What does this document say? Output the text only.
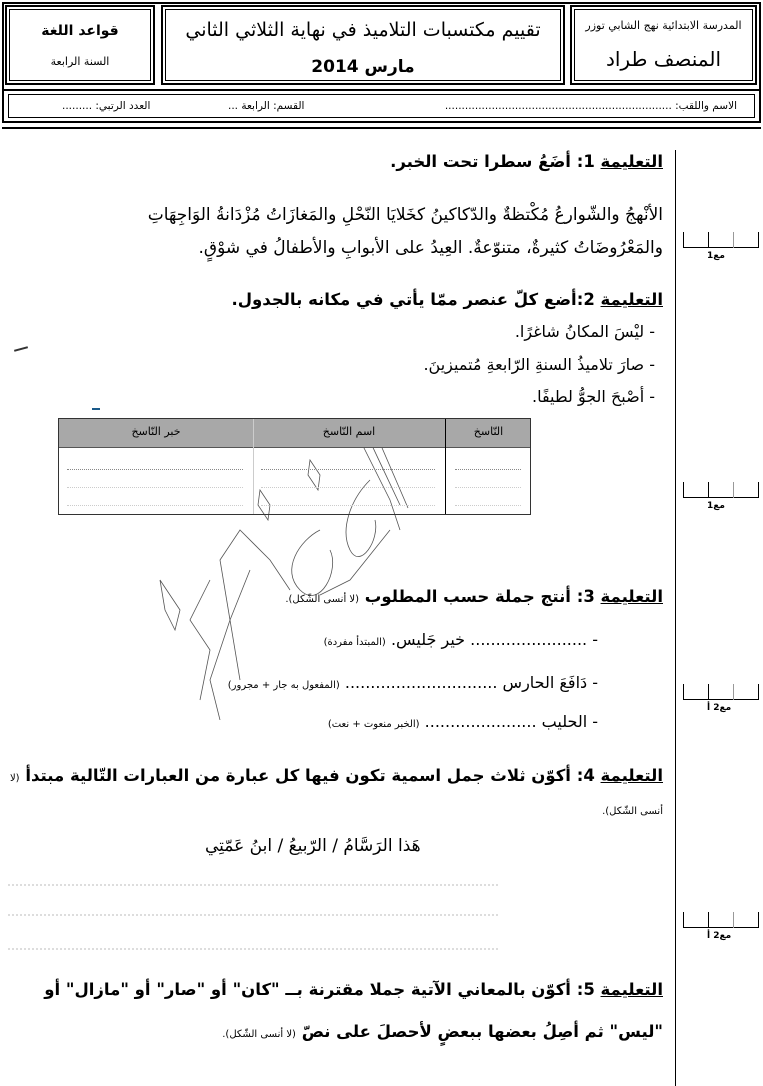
قواعد اللغة
السنة الرابعة
تقييم مكتسبات التلاميذ في نهاية الثلاثي الثاني
مارس 2014
المدرسة الابتدائية نهج الشابي توزر
المنصف طراد
الاسم واللقب: ....................................................................
القسم: الرابعة ...
العدد الرتبي: .........
التعليمة 1: أضَعُ سطرا تحت الخبر.
الأنْهجُ والشّوارعُ مُكْتظةٌ والدّكاكينُ كخَلايَا النّحْلِ والمَغازَاتُ مُزْدَانةُ الوَاجِهَاتِ
والمَعْرُوضَاتُ كثيرةٌ، متنوّعةٌ. العِيدُ على الأبوابِ والأطفالُ في شوْقٍ.	مع1
التعليمة 2:أضع كلّ عنصر ممّا يأتي في مكانه بالجدول.
- ليْسَ المكانُ شاغرًا.
- صارَ تلاميذُ السنةِ الرّابعةِ مُتميزينَ.
- أصْبحَ الجوُّ لطيفًا.
خبر النّاسخ	اسم النّاسخ	النّاسخ
مع1
التعليمة 3: أنتج جملة حسب المطلوب (لا أنسى الشّكل).
- ....................... خير جَليس. (المبتدأ مفردة)
- دَافَعَ الحارس .............................. (المفعول به جار + مجرور)
- الحليب ...................... (الخبر منعوت + نعت)
مع2 أ
التعليمة 4: أكوّن ثلاث جمل اسمية تكون فيها كل عبارة من العبارات التّالية مبتدأ (لا
أنسى الشّكل).
هَذا الرَسَّامُ / الرّبيعُ / ابنُ عَمّتِي
مع2 أ
التعليمة 5: أكوّن بالمعاني الآتية جملا مقترنة بــ "كان" أو "صار" أو "مازال" أو
"ليس" ثم أصِلُ بعضها ببعضٍ لأحصلَ على نصّ (لا أنسى الشّكل).
